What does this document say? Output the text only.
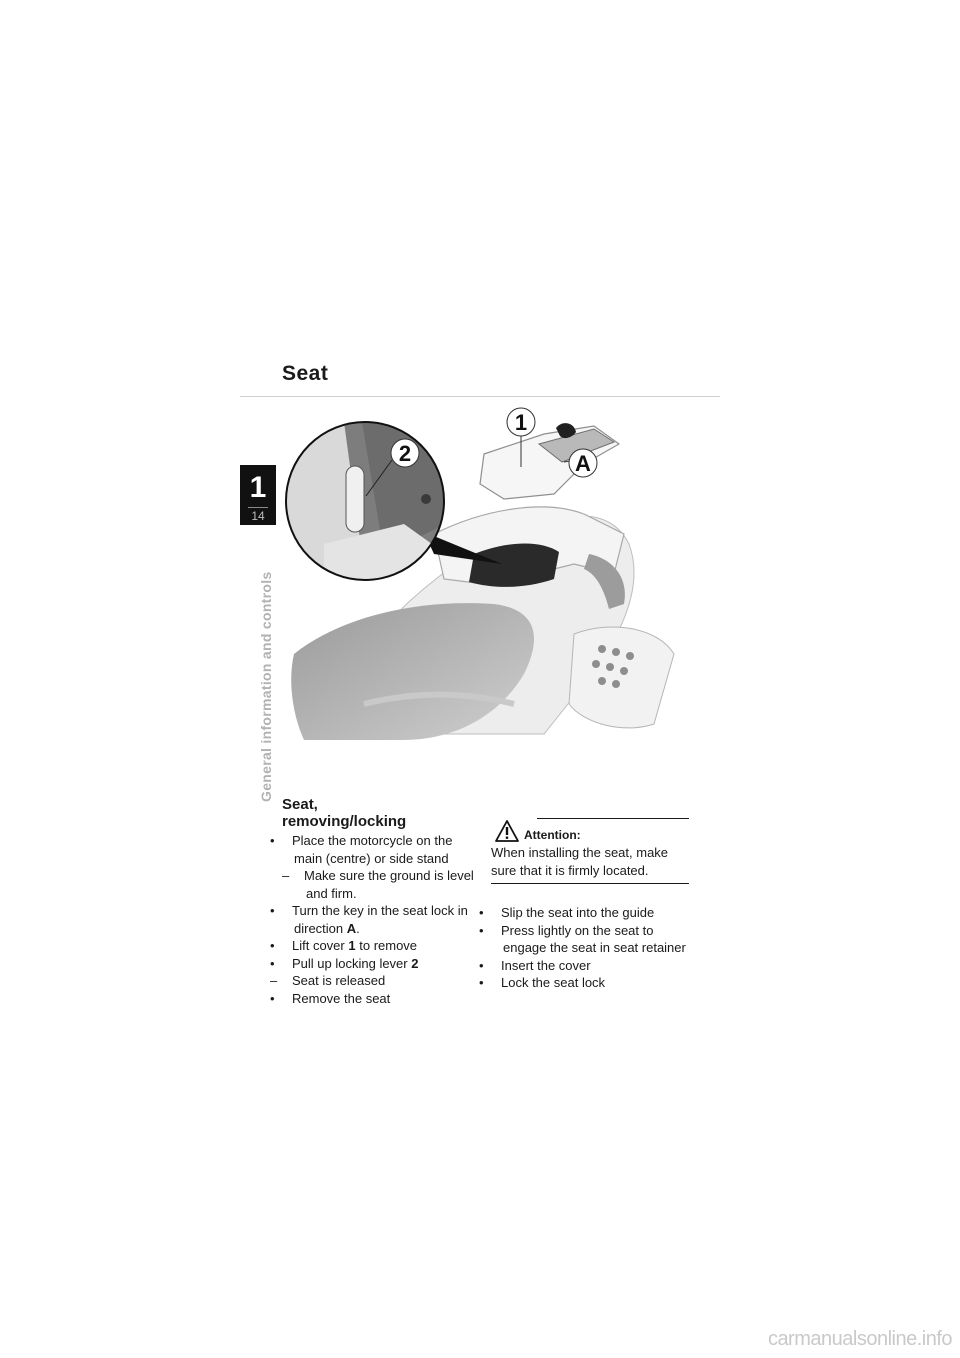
Seat
1
14
General information and controls
1
2	A
Seat,
removing/locking
• Place the motorcycle on the main (centre) or side stand
– Make sure the ground is level and firm.
• Turn the key in the seat lock in direction A.
• Lift cover 1 to remove
• Pull up locking lever 2
– Seat is released
• Remove the seat
Attention:
When installing the seat, make sure that it is firmly located.
• Slip the seat into the guide
• Press lightly on the seat to engage the seat in seat retainer
• Insert the cover
• Lock the seat lock
carmanualsonline.info
